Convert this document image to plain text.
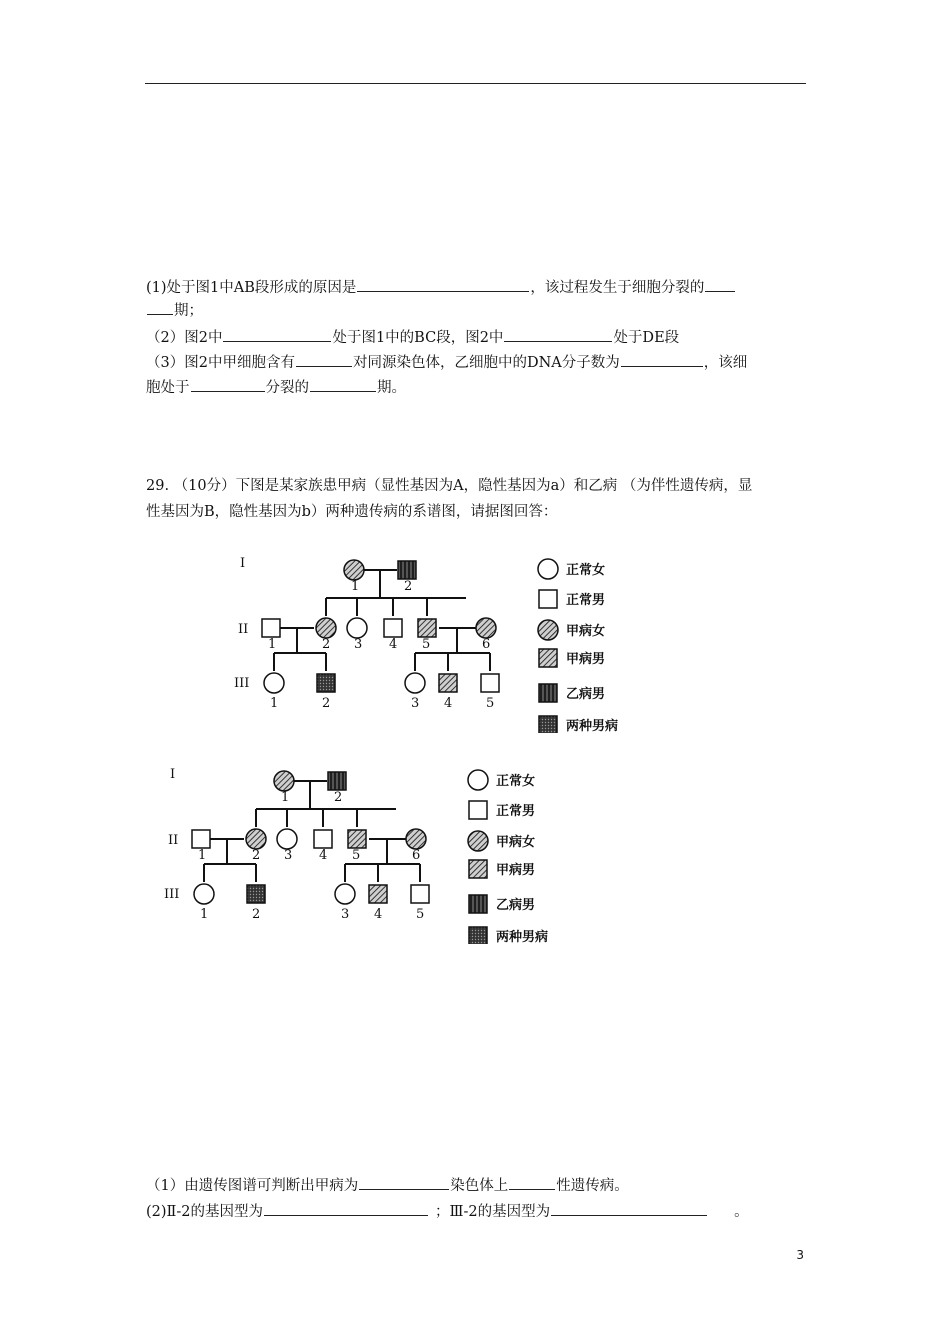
(1)处于图1中AB段形成的原因是	，该过程发生于细胞分裂的
期；
（2）图2中	处于图1中的BC段，图2中	处于DE段
（3）图2中甲细胞含有	对同源染色体，乙细胞中的DNA分子数为	，该细
胞处于	分裂的	期。
29. （10分）下图是某家族患甲病（显性基因为A，隐性基因为a）和乙病 （为伴性遗传病，显
性基因为B，隐性基因为b）两种遗传病的系谱图，请据图回答：
I
II
III
1	2
1	2 3 4 5	6
1	2	3 4	5
正常女
正常男
甲病女
甲病男
乙病男
两种男病
I
II
III
1	2
1	2 3 4 5	6
1	2	3 4	5
正常女
正常男
甲病女
甲病男
乙病男
两种男病
（1）由遗传图谱可判断出甲病为	染色体上	性遗传病。
(2)Ⅱ-2的基因型为	；Ⅲ-2的基因型为	。
3
